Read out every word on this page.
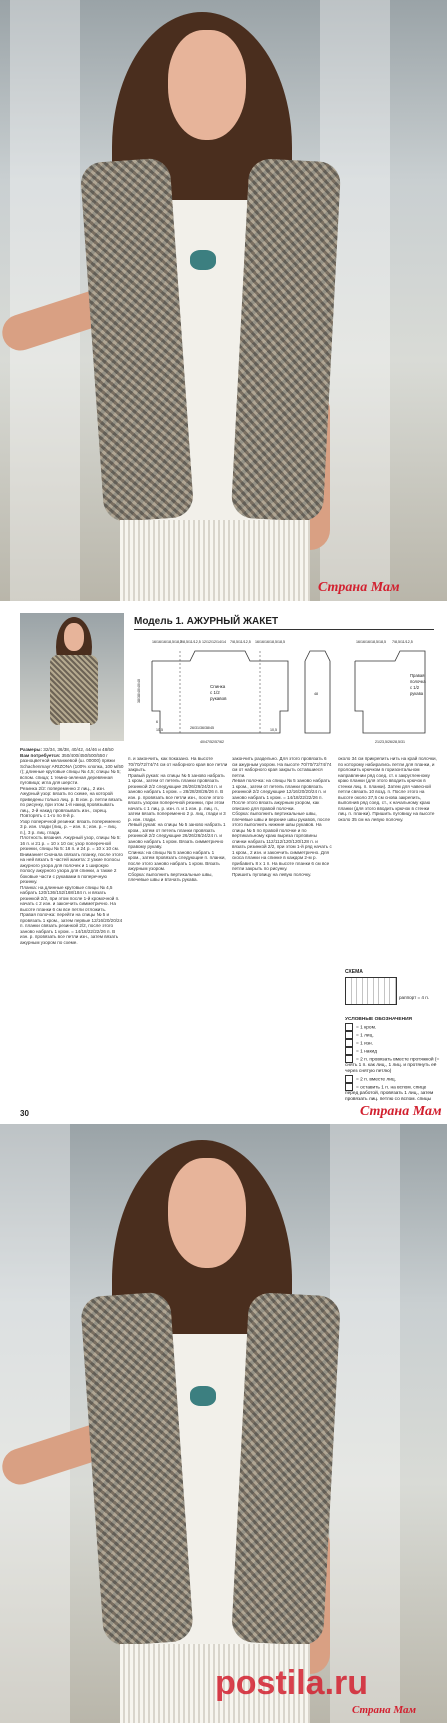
Страна Мам
Модель 1. АЖУРНЫЙ ЖАКЕТ
Спинка
с 1/2
рукавов
16/16/16/18,5/18,5
7/8,5/11/12,5 12/12/12/14/14 7/8,5/11/12,5 16/16/16/18,5/18,5
26/31/36/38/45
40/47/52/57/62
38/38/40/40/40
6
10,5	10,5
48
Правая
полочка
с 1/2
рукава
16/16/16/18,5/18,5 7/8,5/11/12,5
21/23,5/26/28,5/31
Размеры: 32/34, 36/38, 40/42, 44/46 и 48/50
Вам потребуется: 350/400/450/500/550 г разноцветной меланжевой (ш. 00000) пряжи Schachenmayr ARIZONA (100% хлопка, 100 м/50 г); длинные круговые спицы № 4,5; спицы № 5; вспом. спица; 1 темно-зеленая деревянная пуговица; игла для шерсти.
Резинка 2/2: попеременно 2 лиц., 2 изн.
Ажурный узор: вязать по схеме, на которой приведены только лиц. р. В изн. р. петли вязать по рисунку, при этом 1-й накид провязывать лиц., 2-й накид провязывать изн., скрещ. Повторять с 1-го по 8-й р.
Узор поперечной резинки: вязать попеременно 3 р. изн. глади (лиц. р. – изн. п.; изн. р. – лиц. п.), 3 р. лиц. глади.
Плотность вязания. Ажурный узор, спицы № 5: 16 п. и 21 р. = 10 х 10 см; узор поперечной резинки, спицы № 5: 16 п. и 24 р. = 10 х 10 см.
Внимание! Сначала связать планку, после этого на ней вязать 5 частей жакета: 2 узкие полосы ажурного узора для полочек и 1 широкую полосу ажурного узора для спинки, а также 2 боковые части с рукавами в поперечную резинку.
Планка: на длинные круговые спицы № 4,5 набрать 120/136/152/168/184 п. и вязать резинкой 2/2, при этом после 1-й кромочной п. начать с 2 изн. и закончить симметрично. На высоте планки 6 см все петли отложить.
Правая полочка: перейти на спицы № 5 и провязать 1 кром., затем первые 12/16/20/20/24 п. планки связать резинкой 2/2, после этого заново набрать 1 кром. = 14/18/22/22/26 п. В изн. р. провязать все петли изн., затем вязать ажурным узором по схеме.
п. и закончить, как показано. На высоте 70/70/72/74/74 см от наборного края все петли закрыть.
Правый рукав: на спицы № 5 заново набрать 1 кром., затем от петель планки провязать резинкой 2/2 следующие 26/26/26/24/24 п. и заново набрать 1 кром. = 28/28/28/26/26 п. В изн. р. провязать все петли изн., после этого вязать узором поперечной резинки, при этом начать с 1 лиц. р. изн. п. и 1 изн. р. лиц. п., затем вязать попеременно 2 р. лиц. глади и 3 р. изн. глади.
Левый рукав: на спицы № 5 заново набрать 1 кром., затем от петель планки провязать резинкой 2/2 следующие 26/26/26/24/24 п. и заново набрать 1 кром. Вязать симметрично правому рукаву.
Спинка: на спицы № 5 заново набрать 1 кром., затем провязать следующие п. планки, после этого заново набрать 1 кром. Вязать ажурным узором.
Сборка: выполнить вертикальные швы, плечевые швы и втачать рукава.
закончить раздельно. Для этого провязать 6 см ажурным узором. На высоте 70/70/72/74/74 см от наборного края закрыть оставшиеся петли.
Левая полочка: на спицы № 5 заново набрать 1 кром., затем от петель планки провязать резинкой 2/2 следующие 12/16/20/20/24 п. и заново набрать 1 кром. = 14/18/22/22/26 п. После этого вязать ажурным узором, как описано для правой полочки.
Сборка: выполнить вертикальные швы, плечевые швы и верхние швы рукавов, после этого выполнить нижние швы рукавов. На спицы № 5 по правой полочке и по вертикальному краю выреза горловины спинки набрать 112/112/120/120/128 п. и вязать резинкой 2/2, при этом 1-й ряд начать с 1 кром., 2 изн. и закончить симметрично. Для скоса планки на спинке в каждом 2-м р. прибавить 8 х 1 п. На высоте планки 6 см все петли закрыть по рисунку.
Пришить пуговицу на левую полочку.
околo 34 см прикрепить нить на край полочки, по которому набирались петли для планки, и проложить крючком в горизонтальном направлении ряд соед. ст. к закругленному краю планки (для этого вводить крючок в стенки лиц. п. планки). Затем для чавесной петли связать 10 возд. п. После этого на высоте около 37,5 см снова закрепить, выполнив ряд соед. ст., к начальному краю планки (для этого вводить крючок в стенки лиц. п. планки). Пришить пуговицу на высоте около 35 см на левую полочку.
СХЕМА
раппорт = 4 п.
УСЛОВНЫЕ ОБОЗНАЧЕНИЯ
= 1 кром.
= 1 лиц.
= 1 изн.
= 1 накид
= 2 п. провязать вместе протяжкой (= снять 1 п. как лиц., 1 лиц. и протянуть её через снятую петлю)
= 2 п. вместе лиц.
= оставить 1 п. на вспом. спице перед работой, провязать 1 лиц., затем провязать лиц. петлю со вспом. спицы
30	Страна Мам
postila.ru
Страна Мам
